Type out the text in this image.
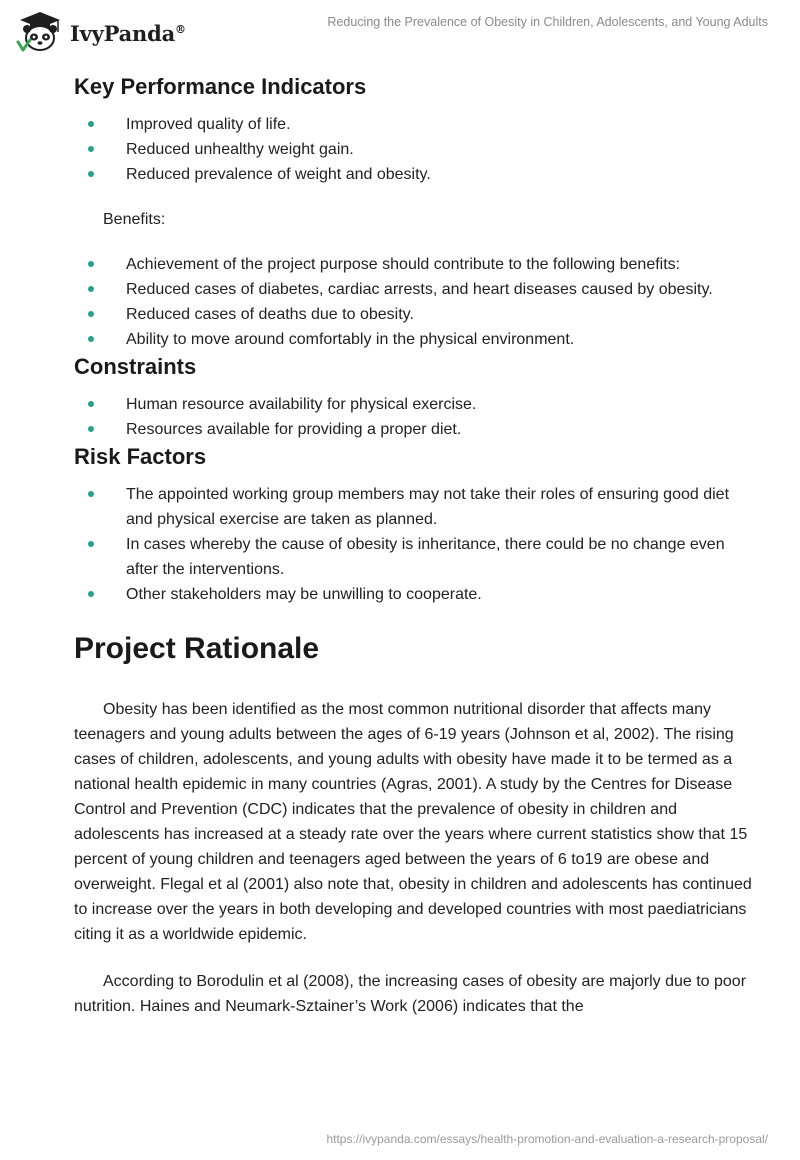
IvyPanda®	Reducing the Prevalence of Obesity in Children, Adolescents, and Young Adults
Key Performance Indicators
Improved quality of life.
Reduced unhealthy weight gain.
Reduced prevalence of weight and obesity.
Benefits:
Achievement of the project purpose should contribute to the following benefits:
Reduced cases of diabetes, cardiac arrests, and heart diseases caused by obesity.
Reduced cases of deaths due to obesity.
Ability to move around comfortably in the physical environment.
Constraints
Human resource availability for physical exercise.
Resources available for providing a proper diet.
Risk Factors
The appointed working group members may not take their roles of ensuring good diet and physical exercise are taken as planned.
In cases whereby the cause of obesity is inheritance, there could be no change even after the interventions.
Other stakeholders may be unwilling to cooperate.
Project Rationale

Obesity has been identified as the most common nutritional disorder that affects many teenagers and young adults between the ages of 6-19 years (Johnson et al, 2002). The rising cases of children, adolescents, and young adults with obesity have made it to be termed as a national health epidemic in many countries (Agras, 2001). A study by the Centres for Disease Control and Prevention (CDC) indicates that the prevalence of obesity in children and adolescents has increased at a steady rate over the years where current statistics show that 15 percent of young children and teenagers aged between the years of 6 to19 are obese and overweight. Flegal et al (2001) also note that, obesity in children and adolescents has continued to increase over the years in both developing and developed countries with most paediatricians citing it as a worldwide epidemic.

According to Borodulin et al (2008), the increasing cases of obesity are majorly due to poor nutrition. Haines and Neumark-Sztainer’s Work (2006) indicates that the

https://ivypanda.com/essays/health-promotion-and-evaluation-a-research-proposal/
